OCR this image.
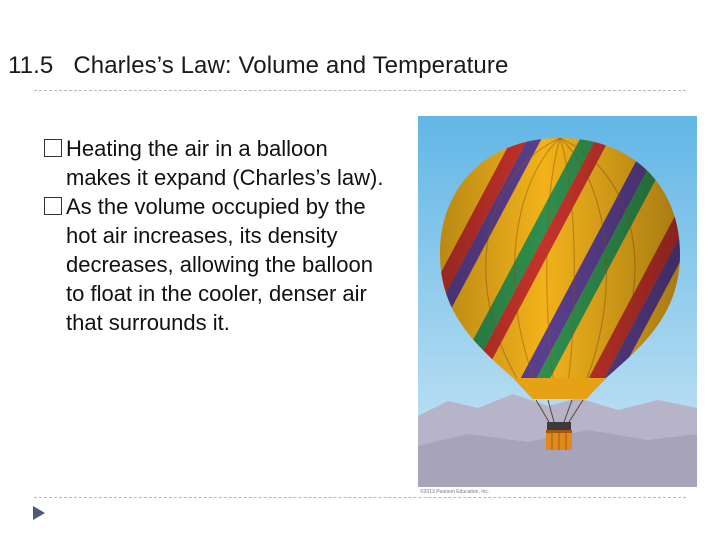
11.5 Charles’s Law: Volume and Temperature
Heating the air in a balloon makes it expand (Charles’s law).
As the volume occupied by the hot air increases, its density decreases, allowing the balloon to float in the cooler, denser air that surrounds it.
©2013 Pearson Education, Inc.
